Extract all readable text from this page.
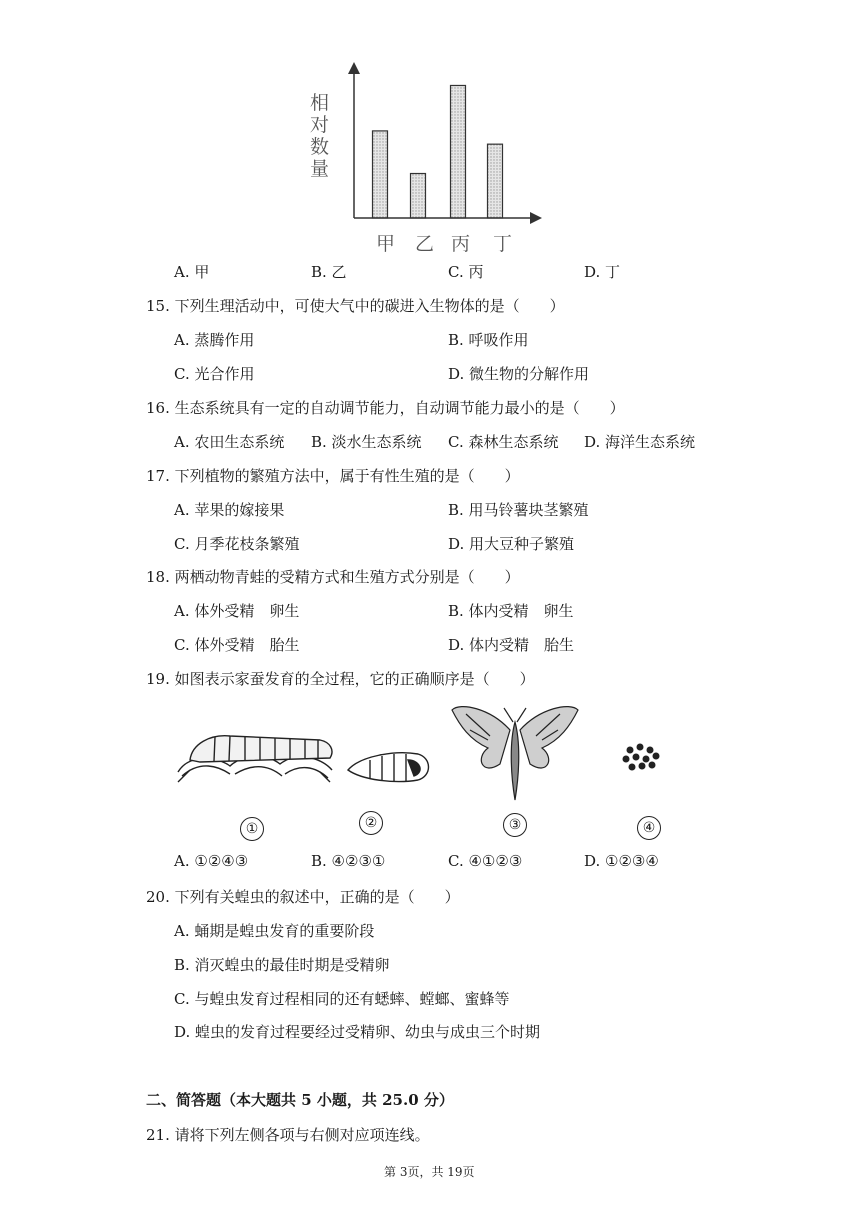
相
对
数
量
甲 乙 丙 丁
A. 甲	B. 乙	C. 丙	D. 丁
15. 下列生理活动中，可使大气中的碳进入生物体的是（　　）
A. 蒸腾作用	B. 呼吸作用
C. 光合作用	D. 微生物的分解作用
16. 生态系统具有一定的自动调节能力，自动调节能力最小的是（　　）
A. 农田生态系统 B. 淡水生态系统 C. 森林生态系统 D. 海洋生态系统
17. 下列植物的繁殖方法中，属于有性生殖的是（　　）
A. 苹果的嫁接果	B. 用马铃薯块茎繁殖
C. 月季花枝条繁殖	D. 用大豆种子繁殖
18. 两栖动物青蛙的受精方式和生殖方式分别是（　　）
A. 体外受精　卵生	B. 体内受精　卵生
C. 体外受精　胎生	D. 体内受精　胎生
19. 如图表示家蚕发育的全过程，它的正确顺序是（　　）
①	②	③	④
A. ①②④③	B. ④②③①	C. ④①②③	D. ①②③④
20. 下列有关蝗虫的叙述中，正确的是（　　）
A. 蛹期是蝗虫发育的重要阶段
B. 消灭蝗虫的最佳时期是受精卵
C. 与蝗虫发育过程相同的还有蟋蟀、螳螂、蜜蜂等
D. 蝗虫的发育过程要经过受精卵、幼虫与成虫三个时期
二、简答题（本大题共 5 小题，共 25.0 分）
21. 请将下列左侧各项与右侧对应项连线。
第 3页，共 19页
